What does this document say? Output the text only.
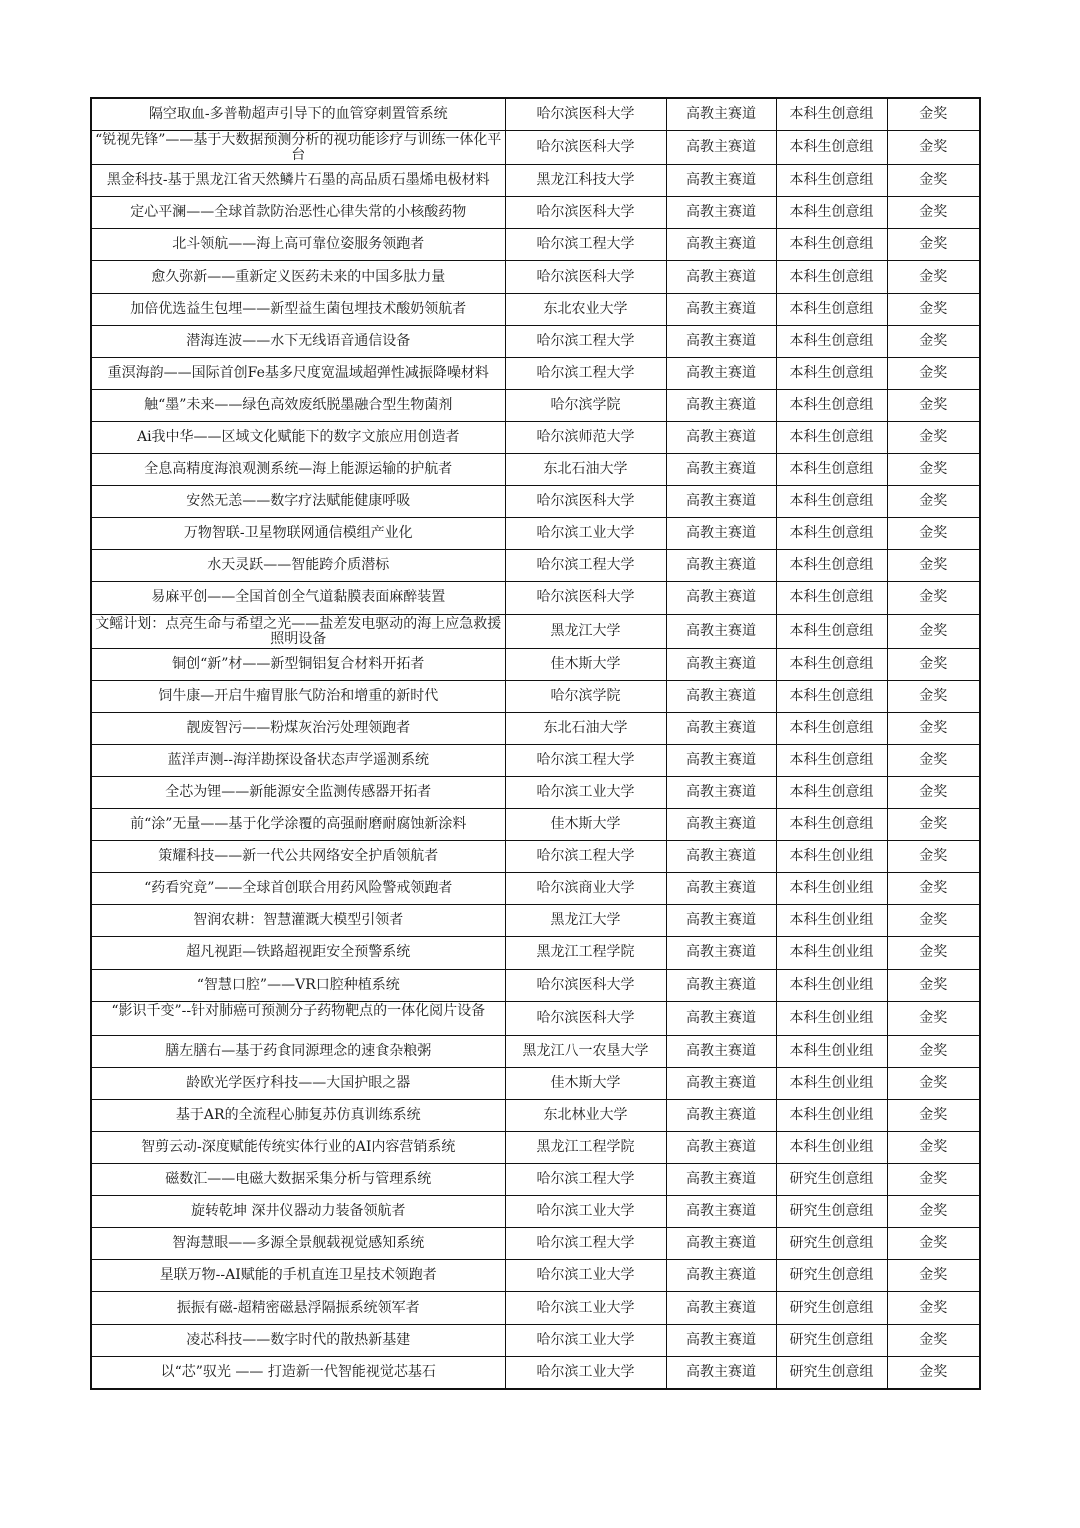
隔空取血-多普勒超声引导下的血管穿刺置管系统	哈尔滨医科大学	高教主赛道	本科生创意组	金奖
“锐视先锋”——基于大数据预测分析的视功能诊疗与训练一体化平台	哈尔滨医科大学	高教主赛道	本科生创意组	金奖
黑金科技-基于黑龙江省天然鳞片石墨的高品质石墨烯电极材料	黑龙江科技大学	高教主赛道	本科生创意组	金奖
定心平澜——全球首款防治恶性心律失常的小核酸药物	哈尔滨医科大学	高教主赛道	本科生创意组	金奖
北斗领航——海上高可靠位姿服务领跑者	哈尔滨工程大学	高教主赛道	本科生创意组	金奖
愈久弥新——重新定义医药未来的中国多肽力量	哈尔滨医科大学	高教主赛道	本科生创意组	金奖
加倍优选益生包埋——新型益生菌包埋技术酸奶领航者	东北农业大学	高教主赛道	本科生创意组	金奖
潜海连波——水下无线语音通信设备	哈尔滨工程大学	高教主赛道	本科生创意组	金奖
重溟海韵——国际首创Fe基多尺度宽温域超弹性减振降噪材料	哈尔滨工程大学	高教主赛道	本科生创意组	金奖
触“墨”未来——绿色高效废纸脱墨融合型生物菌剂	哈尔滨学院	高教主赛道	本科生创意组	金奖
Ai我中华——区域文化赋能下的数字文旅应用创造者	哈尔滨师范大学	高教主赛道	本科生创意组	金奖
全息高精度海浪观测系统—海上能源运输的护航者	东北石油大学	高教主赛道	本科生创意组	金奖
安然无恙——数字疗法赋能健康呼吸	哈尔滨医科大学	高教主赛道	本科生创意组	金奖
万物智联-卫星物联网通信模组产业化	哈尔滨工业大学	高教主赛道	本科生创意组	金奖
水天灵跃——智能跨介质潜标	哈尔滨工程大学	高教主赛道	本科生创意组	金奖
易麻平创——全国首创全气道黏膜表面麻醉装置	哈尔滨医科大学	高教主赛道	本科生创意组	金奖
文鳐计划：点亮生命与希望之光——盐差发电驱动的海上应急救援照明设备	黑龙江大学	高教主赛道	本科生创意组	金奖
铜创“新”材——新型铜铝复合材料开拓者	佳木斯大学	高教主赛道	本科生创意组	金奖
饲牛康—开启牛瘤胃胀气防治和增重的新时代	哈尔滨学院	高教主赛道	本科生创意组	金奖
靓废智污——粉煤灰治污处理领跑者	东北石油大学	高教主赛道	本科生创意组	金奖
蓝洋声测--海洋勘探设备状态声学遥测系统	哈尔滨工程大学	高教主赛道	本科生创意组	金奖
全芯为锂——新能源安全监测传感器开拓者	哈尔滨工业大学	高教主赛道	本科生创意组	金奖
前“涂”无量——基于化学涂覆的高强耐磨耐腐蚀新涂料	佳木斯大学	高教主赛道	本科生创意组	金奖
策耀科技——新一代公共网络安全护盾领航者	哈尔滨工程大学	高教主赛道	本科生创业组	金奖
“药看究竟”——全球首创联合用药风险警戒领跑者	哈尔滨商业大学	高教主赛道	本科生创业组	金奖
智润农耕：智慧灌溉大模型引领者	黑龙江大学	高教主赛道	本科生创业组	金奖
超凡视距—铁路超视距安全预警系统	黑龙江工程学院	高教主赛道	本科生创业组	金奖
“智慧口腔”——VR口腔种植系统	哈尔滨医科大学	高教主赛道	本科生创业组	金奖
“影识千变”--针对肺癌可预测分子药物靶点的一体化阅片设备	哈尔滨医科大学	高教主赛道	本科生创业组	金奖
膳左膳右—基于药食同源理念的速食杂粮粥	黑龙江八一农垦大学	高教主赛道	本科生创业组	金奖
龄欧光学医疗科技——大国护眼之器	佳木斯大学	高教主赛道	本科生创业组	金奖
基于AR的全流程心肺复苏仿真训练系统	东北林业大学	高教主赛道	本科生创业组	金奖
智剪云动-深度赋能传统实体行业的AI内容营销系统	黑龙江工程学院	高教主赛道	本科生创业组	金奖
磁数汇——电磁大数据采集分析与管理系统	哈尔滨工程大学	高教主赛道	研究生创意组	金奖
旋转乾坤 深井仪器动力装备领航者	哈尔滨工业大学	高教主赛道	研究生创意组	金奖
智海慧眼——多源全景舰载视觉感知系统	哈尔滨工程大学	高教主赛道	研究生创意组	金奖
星联万物--AI赋能的手机直连卫星技术领跑者	哈尔滨工业大学	高教主赛道	研究生创意组	金奖
振振有磁-超精密磁悬浮隔振系统领军者	哈尔滨工业大学	高教主赛道	研究生创意组	金奖
凌芯科技——数字时代的散热新基建	哈尔滨工业大学	高教主赛道	研究生创意组	金奖
以“芯”驭光 —— 打造新一代智能视觉芯基石	哈尔滨工业大学	高教主赛道	研究生创意组	金奖
